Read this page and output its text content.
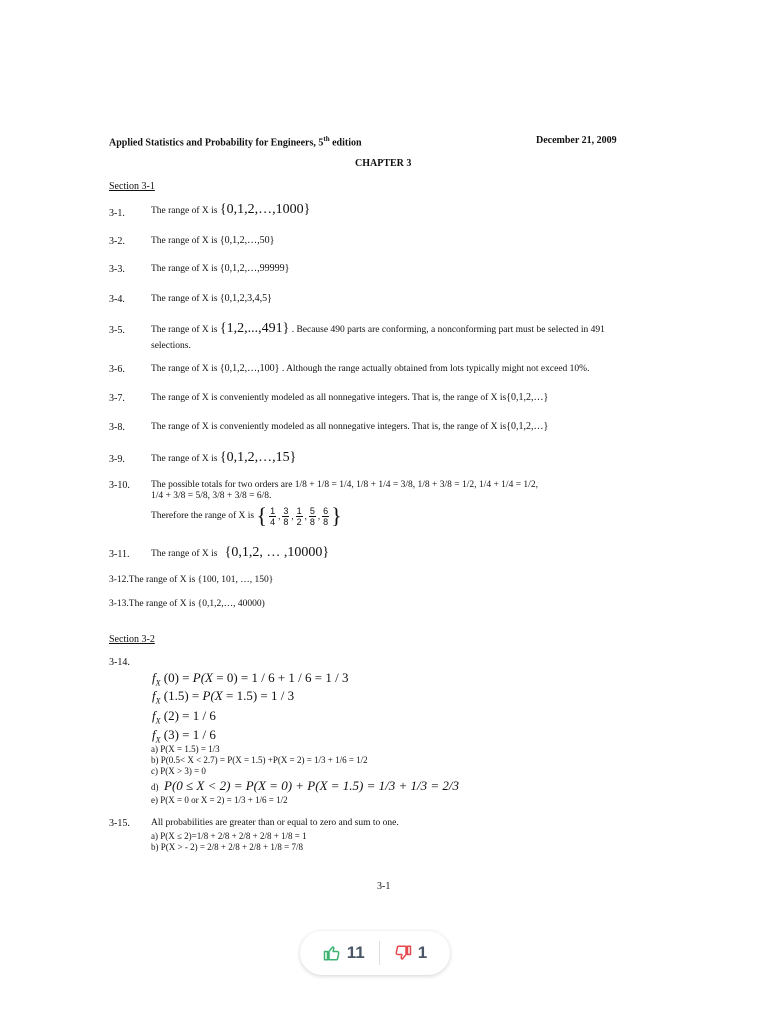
Applied Statistics and Probability for Engineers, 5th edition	December 21, 2009
CHAPTER 3
Section 3-1
3-1.	The range of X is {0,1,2,…,1000}
3-2.	The range of X is {0,1,2,…,50}
3-3.	The range of X is {0,1,2,…,99999}
3-4.	The range of X is {0,1,2,3,4,5}
3-5.	The range of X is {1,2,...,491} . Because 490 parts are conforming, a nonconforming part must be selected in 491
selections.
3-6.	The range of X is {0,1,2,…,100} . Although the range actually obtained from lots typically might not exceed 10%.
3-7.	The range of X is conveniently modeled as all nonnegative integers. That is, the range of X is{0,1,2,…}
3-8.	The range of X is conveniently modeled as all nonnegative integers. That is, the range of X is{0,1,2,…}
3-9.	The range of X is {0,1,2,…,15}
3-10. The possible totals for two orders are 1/8 + 1/8 = 1/4, 1/8 + 1/4 = 3/8, 1/8 + 3/8 = 1/2, 1/4 + 1/4 = 1/2,
1/4 + 3/8 = 5/8, 3/8 + 3/8 = 6/8.
Therefore the range of X is { $\frac{1}{4}$ , $\frac{3}{8}$ , $\frac{1}{2}$ , $\frac{5}{8}$ , $\frac{6}{8}$ }
3-11. The range of X is   {0,1,2, … ,10000}
3-12.The range of X is {100, 101, …, 150}
3-13.The range of X is {0,1,2,…, 40000)
Section 3-2
3-14.
$f_X$ (0) = P(X = 0) = 1 / 6 + 1 / 6 = 1 / 3
$f_X$ (1.5) = P(X = 1.5) = 1 / 3
$f_X$ (2) = 1 / 6
$f_X$ (3) = 1 / 6
a) P(X = 1.5) = 1/3
b) P(0.5< X < 2.7) = P(X = 1.5) +P(X = 2) = 1/3 + 1/6 = 1/2
c) P(X > 3) = 0
d) P(0 ≤ X < 2) = P(X = 0) + P(X = 1.5) = 1/3 + 1/3 = 2/3
e) P(X = 0 or X = 2) = 1/3 + 1/6 = 1/2
3-15. All probabilities are greater than or equal to zero and sum to one.
a) P(X ≤ 2)=1/8 + 2/8 + 2/8 + 2/8 + 1/8 = 1
b) P(X > - 2) = 2/8 + 2/8 + 2/8 + 1/8 = 7/8
3-1
11	1
